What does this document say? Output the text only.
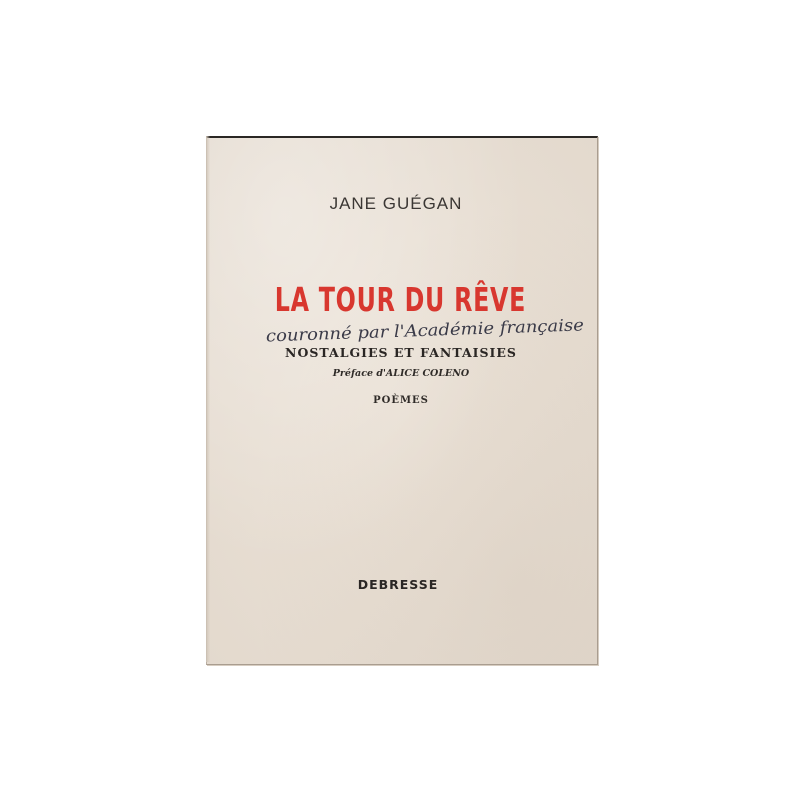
JANE GUÉGAN
LA TOUR DU RÊVE
couronné par l'Académie française
NOSTALGIES ET FANTAISIES
Préface d'ALICE COLENO
POÈMES
DEBRESSE
